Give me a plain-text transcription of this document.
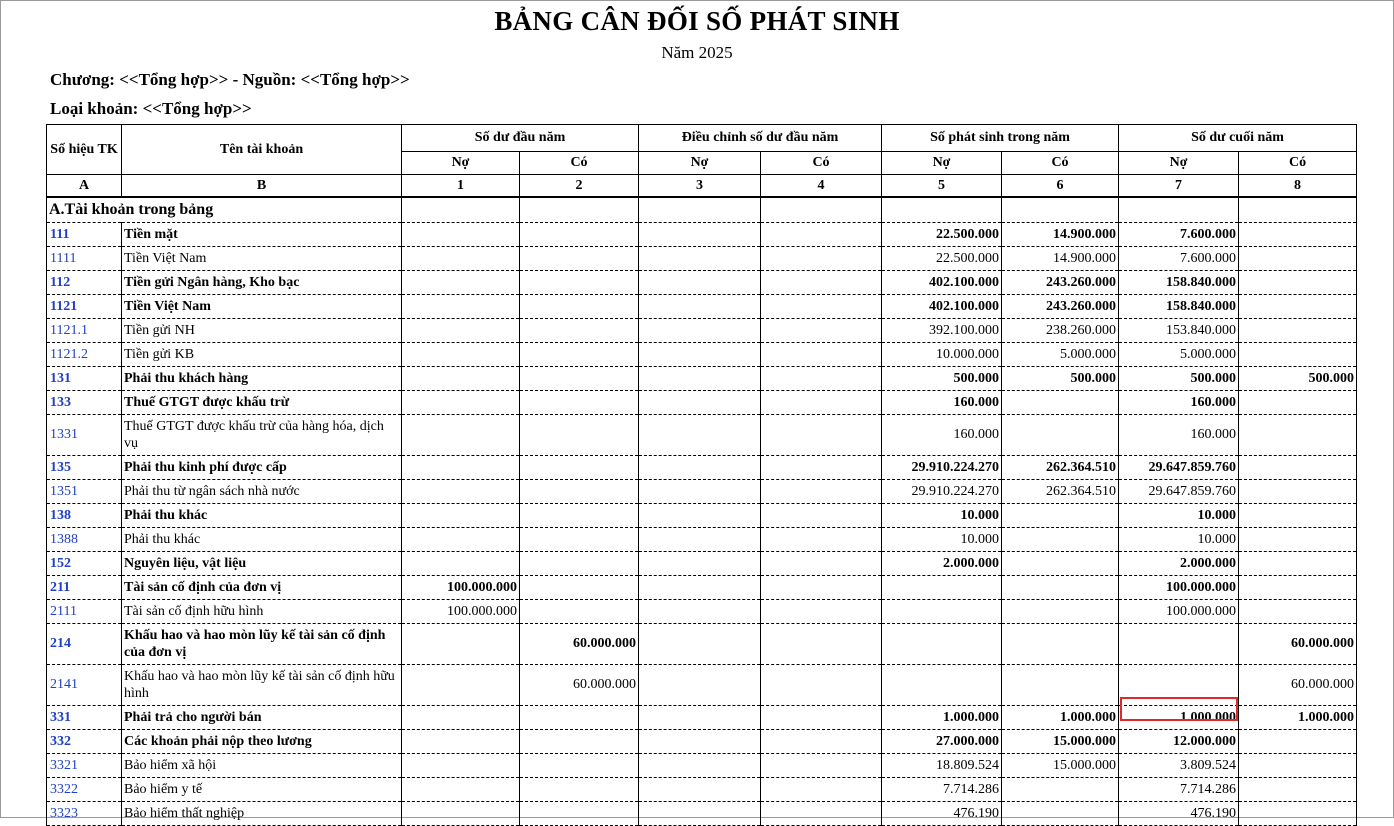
BẢNG CÂN ĐỐI SỐ PHÁT SINH
Năm 2025
Chương: <<Tổng hợp>> - Nguồn: <<Tổng hợp>>
Loại khoản: <<Tổng hợp>>
Số hiệu TK	Tên tài khoản	Số dư đầu năm		Điều chỉnh số dư đầu năm		Số phát sinh trong năm		Số dư cuối năm	
		Nợ	Có	Nợ	Có	Nợ	Có	Nợ	Có
A	B	1	2	3	4	5	6	7	8
A.Tài khoản trong bảng									
111	Tiền mặt					22.500.000	14.900.000	7.600.000	
1111	Tiền Việt Nam					22.500.000	14.900.000	7.600.000	
112	Tiền gửi Ngân hàng, Kho bạc					402.100.000	243.260.000	158.840.000	
1121	Tiền Việt Nam					402.100.000	243.260.000	158.840.000	
1121.1	Tiền gửi NH					392.100.000	238.260.000	153.840.000	
1121.2	Tiền gửi KB					10.000.000	5.000.000	5.000.000	
131	Phải thu khách hàng					500.000	500.000	500.000	500.000
133	Thuế GTGT được khấu trừ					160.000		160.000	
1331	Thuế GTGT được khấu trừ của hàng hóa, dịch vụ					160.000		160.000	
135	Phải thu kinh phí được cấp					29.910.224.270	262.364.510	29.647.859.760	
1351	Phải thu từ ngân sách nhà nước					29.910.224.270	262.364.510	29.647.859.760	
138	Phải thu khác					10.000		10.000	
1388	Phải thu khác					10.000		10.000	
152	Nguyên liệu, vật liệu					2.000.000		2.000.000	
211	Tài sản cố định của đơn vị	100.000.000						100.000.000	
2111	Tài sản cố định hữu hình	100.000.000						100.000.000	
214	Khấu hao và hao mòn lũy kế tài sản cố định của đơn vị		60.000.000						60.000.000
2141	Khấu hao và hao mòn lũy kế tài sản cố định hữu hình		60.000.000						60.000.000
331	Phải trả cho người bán					1.000.000	1.000.000	1.000.000	1.000.000
332	Các khoản phải nộp theo lương					27.000.000	15.000.000	12.000.000	
3321	Bảo hiểm xã hội					18.809.524	15.000.000	3.809.524	
3322	Bảo hiểm y tế					7.714.286		7.714.286	
3323	Bảo hiểm thất nghiệp					476.190		476.190	
